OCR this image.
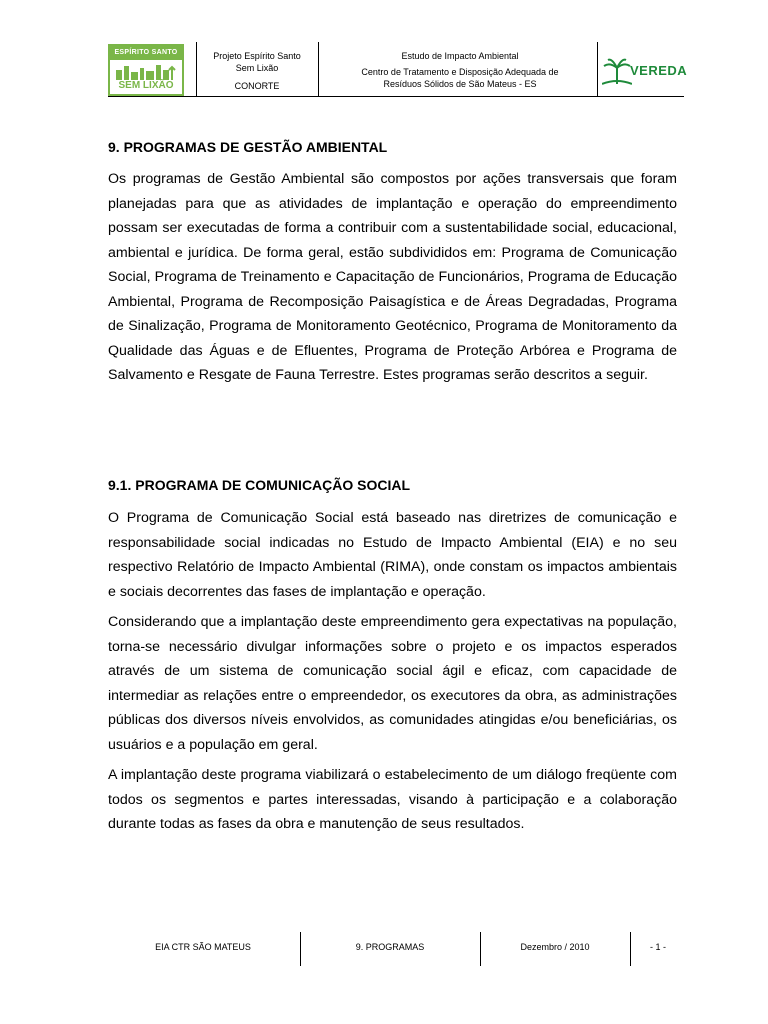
ESPÍRITO SANTO
SEM LIXÃO
Projeto Espírito Santo
Sem Lixão
CONORTE
Estudo de Impacto Ambiental
Centro de Tratamento e Disposição Adequada de
Resíduos Sólidos de São Mateus - ES
VEREDA
9. PROGRAMAS DE GESTÃO AMBIENTAL

Os programas de Gestão Ambiental são compostos por ações transversais que foram planejadas para que as atividades de implantação e operação do empreendimento possam ser executadas de forma a contribuir com a sustentabilidade social, educacional, ambiental e jurídica. De forma geral, estão subdivididos em: Programa de Comunicação Social, Programa de Treinamento e Capacitação de Funcionários, Programa de Educação Ambiental, Programa de Recomposição Paisagística e de Áreas Degradadas, Programa de Sinalização, Programa de Monitoramento Geotécnico, Programa de Monitoramento da Qualidade das Águas e de Efluentes, Programa de Proteção Arbórea e Programa de Salvamento e Resgate de Fauna Terrestre. Estes programas serão descritos a seguir.

9.1. PROGRAMA DE COMUNICAÇÃO SOCIAL

O Programa de Comunicação Social está baseado nas diretrizes de comunicação e responsabilidade social indicadas no Estudo de Impacto Ambiental (EIA) e no seu respectivo Relatório de Impacto Ambiental (RIMA), onde constam os impactos ambientais e sociais decorrentes das fases de implantação e operação.

Considerando que a implantação deste empreendimento gera expectativas na população, torna-se necessário divulgar informações sobre o projeto e os impactos esperados através de um sistema de comunicação social ágil e eficaz, com capacidade de intermediar as relações entre o empreendedor, os executores da obra, as administrações públicas dos diversos níveis envolvidos, as comunidades atingidas e/ou beneficiárias, os usuários e a população em geral.

A implantação deste programa viabilizará o estabelecimento de um diálogo freqüente com todos os segmentos e partes interessadas, visando à participação e a colaboração durante todas as fases da obra e manutenção de seus resultados.

EIA CTR SÃO MATEUS	9. PROGRAMAS	Dezembro / 2010	- 1 -
